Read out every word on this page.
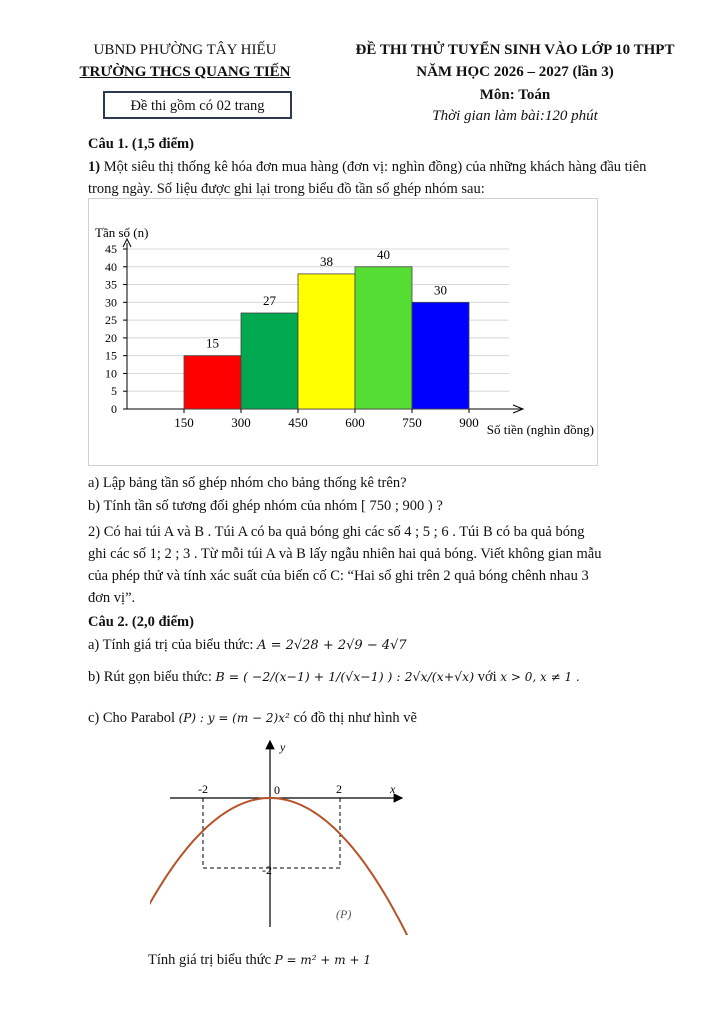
UBND PHƯỜNG TÂY HIẾU
TRƯỜNG THCS QUANG TIẾN
Đề thi gồm có 02 trang
ĐỀ THI THỬ TUYỂN SINH VÀO LỚP 10 THPT
NĂM HỌC 2026 – 2027 (lần 3)
Môn: Toán
Thời gian làm bài:120 phút
Câu 1. (1,5 điểm)
1) Một siêu thị thống kê hóa đơn mua hàng (đơn vị: nghìn đồng) của những khách hàng đầu tiên trong ngày. Số liệu được ghi lại trong biểu đồ tần số ghép nhóm sau:
0
5
10
15
20
25
30
35
40
45
15
27
38	40
30
150	300	450	600	750	900
Tần số (n)
Số tiền (nghìn đồng)
a) Lập bảng tần số ghép nhóm cho bảng thống kê trên?
b) Tính tần số tương đối ghép nhóm của nhóm [ 750 ; 900 ) ?
2) Có hai túi A và B . Túi A có ba quả bóng ghi các số 4 ; 5 ; 6 . Túi B có ba quả bóng
ghi các số 1; 2 ; 3 . Từ mỗi túi A và B lấy ngẫu nhiên hai quả bóng. Viết không gian mẫu
của phép thử và tính xác suất của biến cố C: “Hai số ghi trên 2 quả bóng chênh nhau 3
đơn vị”.
Câu 2. (2,0 điểm)
a) Tính giá trị của biểu thức: A = 2√28 + 2√9 − 4√7
b) Rút gọn biểu thức: B = ( −2/(x−1) + 1/(√x−1) ) : 2√x/(x+√x) với x > 0, x ≠ 1 .
c) Cho Parabol (P) : y = (m − 2)x² có đồ thị như hình vẽ
y
x
-2	0	2
-2
(P)
Tính giá trị biểu thức P = m² + m + 1
